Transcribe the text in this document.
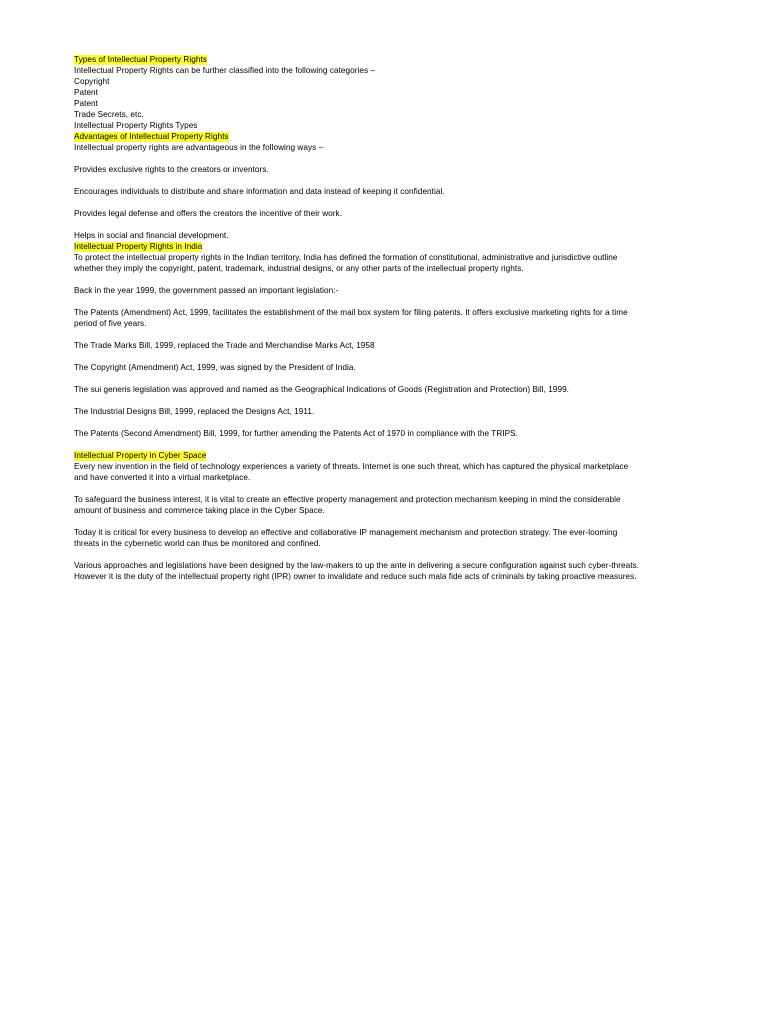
Types of Intellectual Property Rights
Intellectual Property Rights can be further classified into the following categories –
Copyright
Patent
Patent
Trade Secrets, etc.
Intellectual Property Rights Types
Advantages of Intellectual Property Rights
Intellectual property rights are advantageous in the following ways –
Provides exclusive rights to the creators or inventors.
Encourages individuals to distribute and share information and data instead of keeping it confidential.
Provides legal defense and offers the creators the incentive of their work.
Helps in social and financial development.
Intellectual Property Rights in India
To protect the intellectual property rights in the Indian territory, India has defined the formation of constitutional, administrative and jurisdictive outline
whether they imply the copyright, patent, trademark, industrial designs, or any other parts of the intellectual property rights.
Back in the year 1999, the government passed an important legislation:-
The Patents (Amendment) Act, 1999, facilitates the establishment of the mail box system for filing patents. It offers exclusive marketing rights for a time
period of five years.
The Trade Marks Bill, 1999, replaced the Trade and Merchandise Marks Act, 1958
The Copyright (Amendment) Act, 1999, was signed by the President of India.
The sui generis legislation was approved and named as the Geographical Indications of Goods (Registration and Protection) Bill, 1999.
The Industrial Designs Bill, 1999, replaced the Designs Act, 1911.
The Patents (Second Amendment) Bill, 1999, for further amending the Patents Act of 1970 in compliance with the TRIPS.
Intellectual Property in Cyber Space
Every new invention in the field of technology experiences a variety of threats. Internet is one such threat, which has captured the physical marketplace
and have converted it into a virtual marketplace.
To safeguard the business interest, it is vital to create an effective property management and protection mechanism keeping in mind the considerable
amount of business and commerce taking place in the Cyber Space.
Today it is critical for every business to develop an effective and collaborative IP management mechanism and protection strategy. The ever-looming
threats in the cybernetic world can thus be monitored and confined.
Various approaches and legislations have been designed by the law-makers to up the ante in delivering a secure configuration against such cyber-threats.
However it is the duty of the intellectual property right (IPR) owner to invalidate and reduce such mala fide acts of criminals by taking proactive measures.
